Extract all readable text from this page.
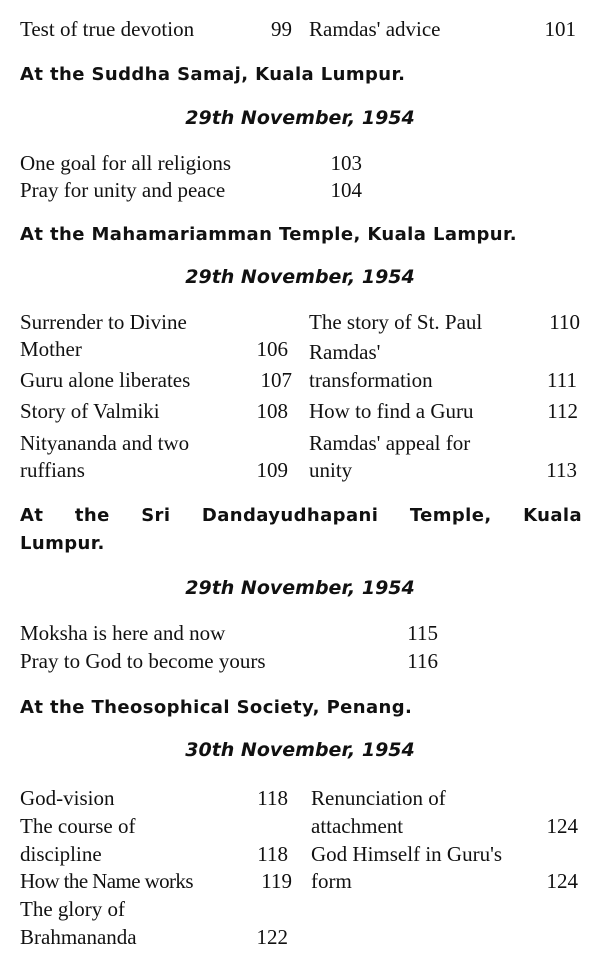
Test of true devotion	99 Ramdas' advice	101
At the Suddha Samaj, Kuala Lumpur.
29th November, 1954
One goal for all religions	103
Pray for unity and peace	104
At the Mahamariamman Temple, Kuala Lampur.
29th November, 1954
Surrender to Divine
Mother	106
Guru alone liberates	107
Story of Valmiki	108
Nityananda and two
ruffians	109
The story of St. Paul	110
Ramdas'
transformation	111
How to find a Guru	112
Ramdas' appeal for
unity	113
At the Sri Dandayudhapani Temple, Kuala
Lumpur.
29th November, 1954
Moksha is here and now	115
Pray to God to become yours	116
At the Theosophical Society, Penang.
30th November, 1954
God-vision	118
The course of
discipline	118
How the Name works	119
The glory of
Brahmananda	122
Renunciation of
attachment	124
God Himself in Guru's
form	124
